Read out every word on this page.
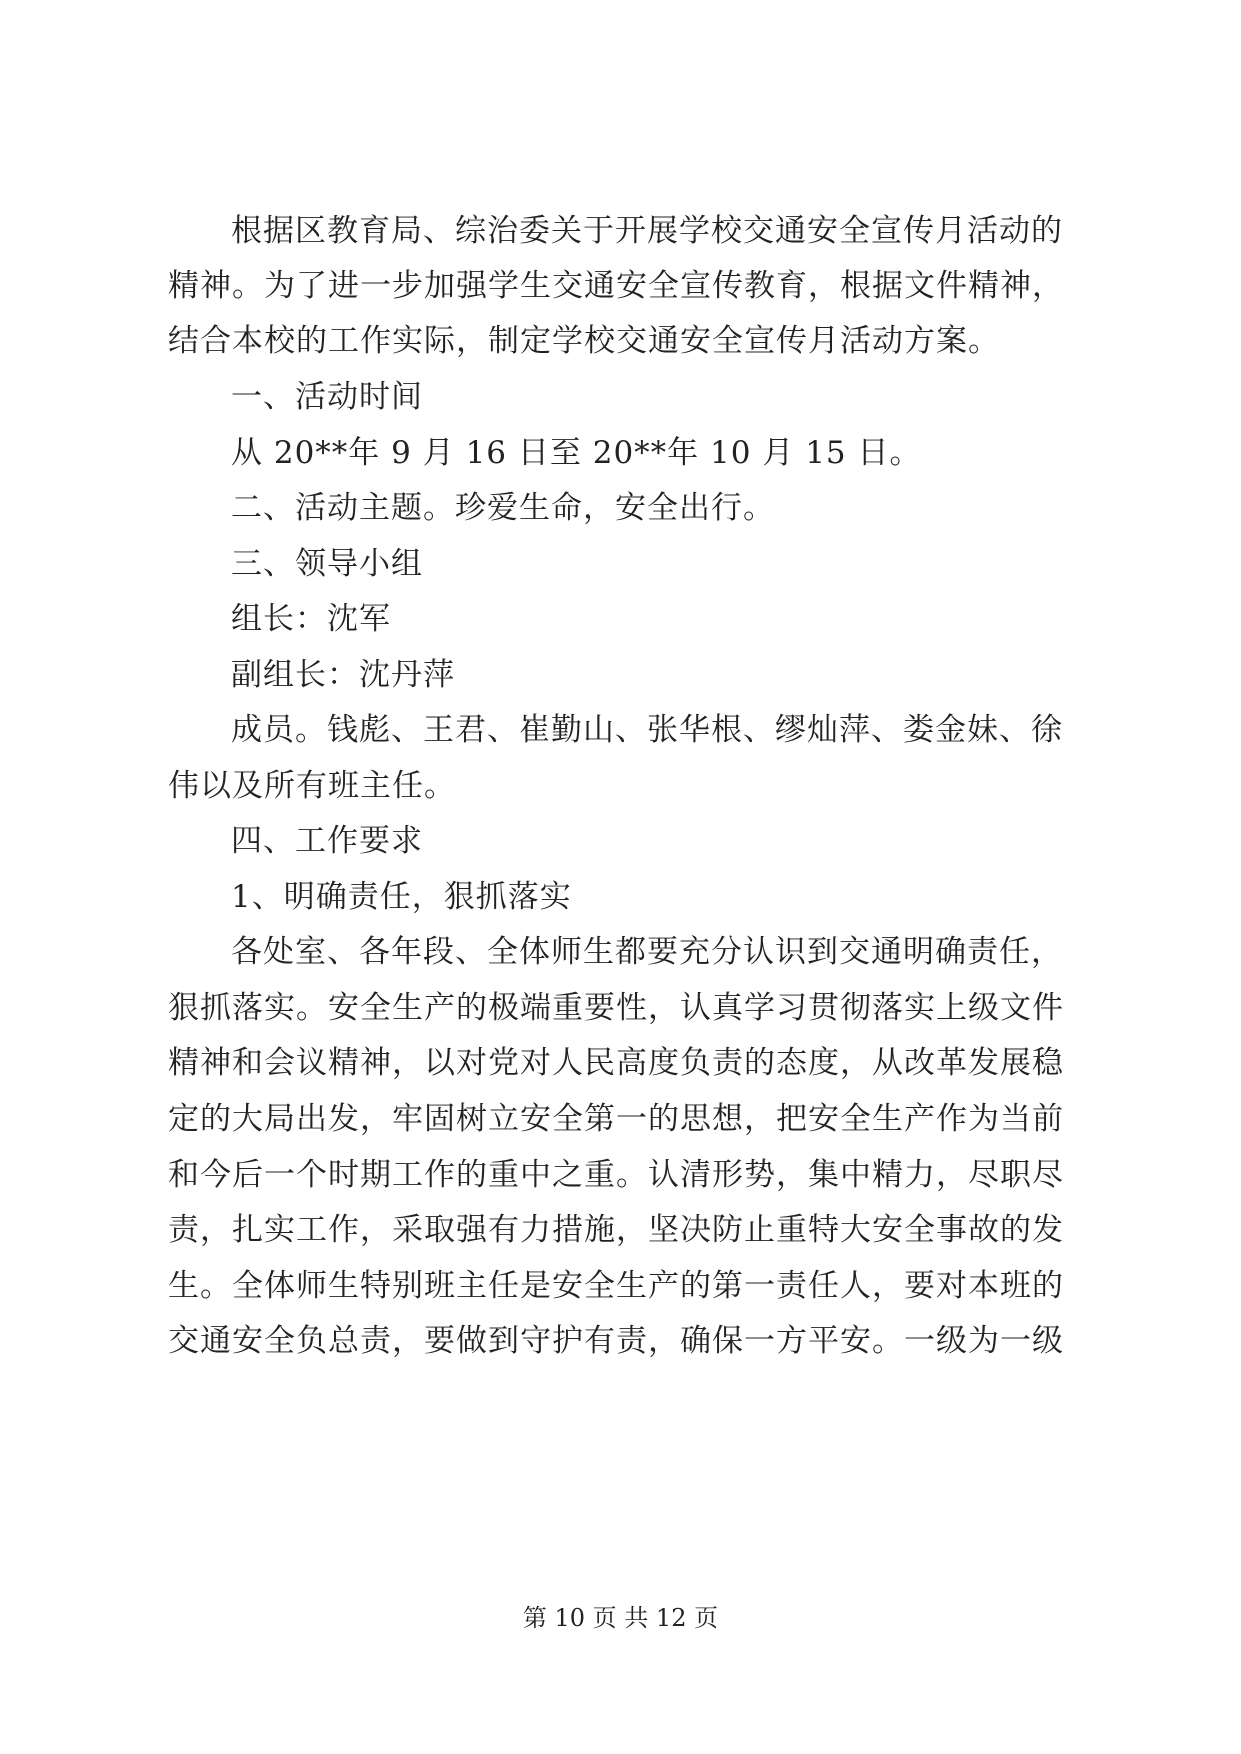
根据区教育局、综治委关于开展学校交通安全宣传月活动的
精神。为了进一步加强学生交通安全宣传教育，根据文件精神，
结合本校的工作实际，制定学校交通安全宣传月活动方案。
一、活动时间
从 20**年 9 月 16 日至 20**年 10 月 15 日。
二、活动主题。珍爱生命，安全出行。
三、领导小组
组长：沈军
副组长：沈丹萍
成员。钱彪、王君、崔勤山、张华根、缪灿萍、娄金妹、徐
伟以及所有班主任。
四、工作要求
1、明确责任，狠抓落实
各处室、各年段、全体师生都要充分认识到交通明确责任，
狠抓落实。安全生产的极端重要性，认真学习贯彻落实上级文件
精神和会议精神，以对党对人民高度负责的态度，从改革发展稳
定的大局出发，牢固树立安全第一的思想，把安全生产作为当前
和今后一个时期工作的重中之重。认清形势，集中精力，尽职尽
责，扎实工作，采取强有力措施，坚决防止重特大安全事故的发
生。全体师生特别班主任是安全生产的第一责任人，要对本班的
交通安全负总责，要做到守护有责，确保一方平安。一级为一级
第 10 页 共 12 页
